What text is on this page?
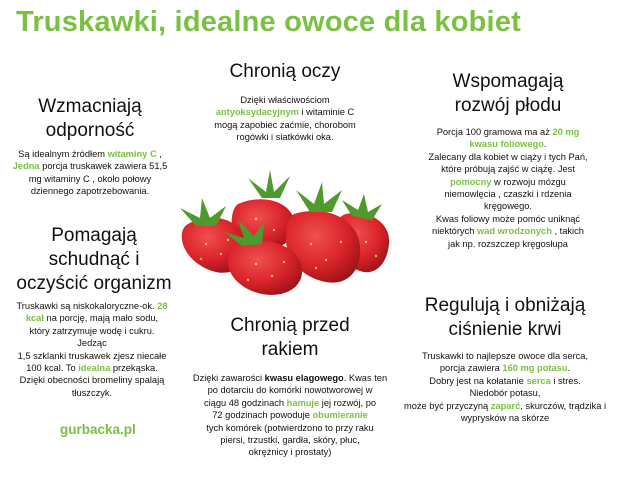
Truskawki, idealne owoce dla kobiet
Wzmacniają
odporność
Są idealnym źródłem witaminy C ,
Jedna porcja truskawek zawiera 51,5
mg witaminy C , około połowy
dziennego zapotrzebowania.
Chronią oczy
Dzięki właściwościom
antyoksydacyjnym i witaminie C
mogą zapobiec zaćmie, chorobom
rogówki i siatkówki oka.
Wspomagają
rozwój płodu
Porcja 100 gramowa ma aż 20 mg
kwasu foliowego.
Zalecany dla kobiet w ciąży i tych Pań,
które próbują zajść w ciążę. Jest
pomocny w rozwoju mózgu
niemowlęcia , czaszki i rdzenia
kręgowego.
Kwas foliowy może pomóc uniknąć
niektórych wad wrodzonych , takich
jak np. rozszczep kręgosłupa
Pomagają
schudnąć i
oczyścić organizm
Truskawki są niskokaloryczne-ok. 28
kcal na porcję, mają mało sodu,
który zatrzymuje wodę i cukru.
Jedząc
1,5 szklanki truskawek zjesz niecałe
100 kcal. To idealna przekąska.
Dzięki obecności bromeliny spalają
tłuszczyk.
Chronią przed
rakiem
Dzięki zawarości kwasu elagowego. Kwas ten
po dotarciu do komórki nowotworowej w
ciągu 48 godzinach hamuje jej rozwój, po
72 godzinach powoduje obumieranie
tych komórek (potwierdzono to przy raku
piersi, trzustki, gardła, skóry, płuc,
okrężnicy i prostaty)
Regulują i obniżają
ciśnienie krwi
Truskawki to najlepsze owoce dla serca,
porcja zawiera 160 mg potasu.
Dobry jest na kołatanie serca i stres.
Niedobór potasu,
może być przyczyną zaparć, skurczów, trądzika i
wyprysków na skórze
gurbacka.pl
